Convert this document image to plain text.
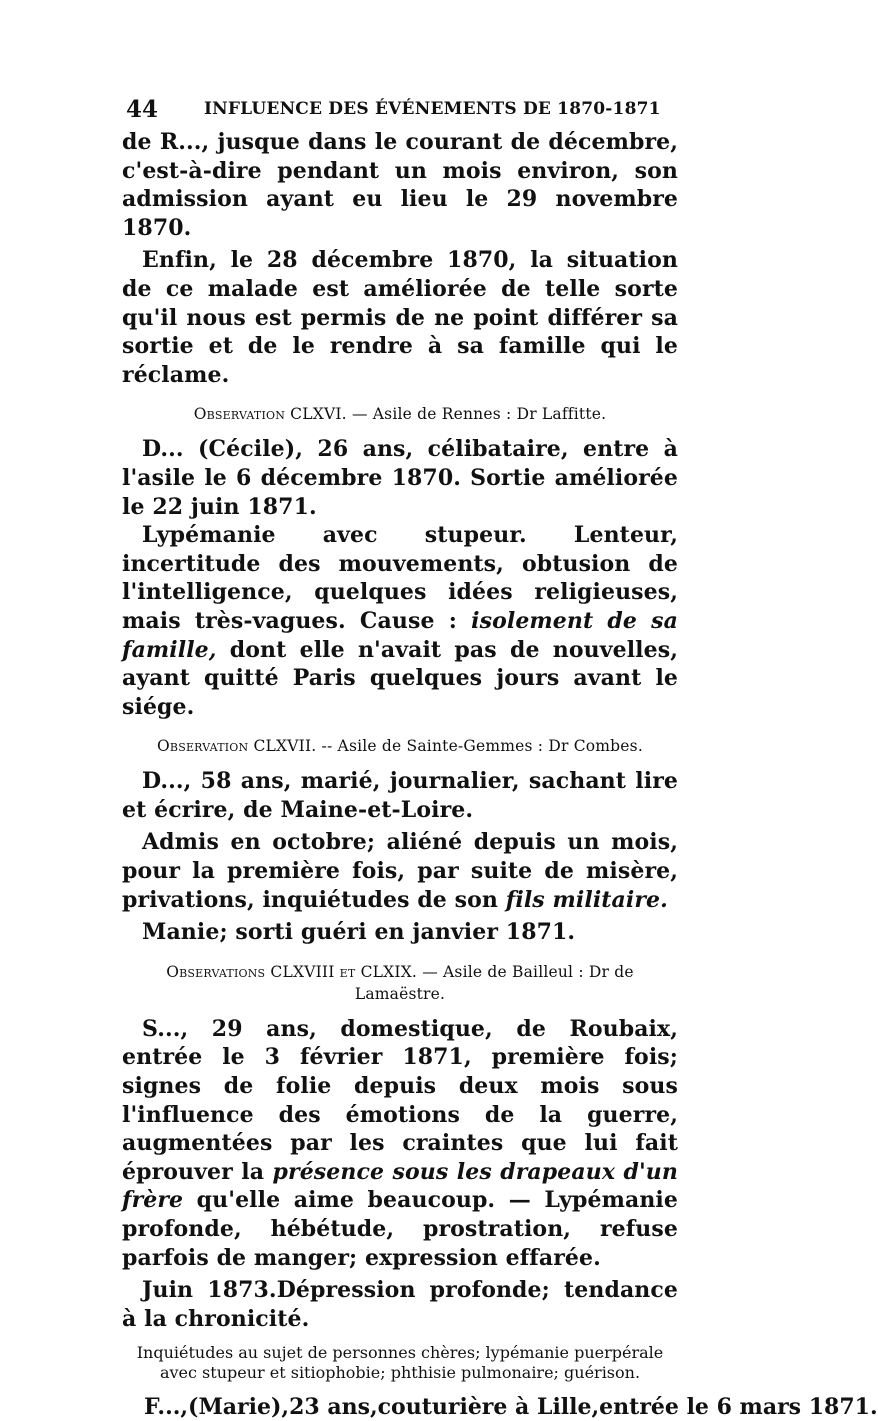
44	INFLUENCE DES ÉVÉNEMENTS DE 1870-1871

de R..., jusque dans le courant de décembre, c'est-à-dire pendant un mois environ, son admission ayant eu lieu le 29 novembre 1870.

Enfin, le 28 décembre 1870, la situation de ce malade est améliorée de telle sorte qu'il nous est permis de ne point différer sa sortie et de le rendre à sa famille qui le réclame.

Observation CLXVI. — Asile de Rennes : Dr Laffitte.

D... (Cécile), 26 ans, célibataire, entre à l'asile le 6 décembre 1870. Sortie améliorée le 22 juin 1871.

Lypémanie avec stupeur. Lenteur, incertitude des mouvements, obtusion de l'intelligence, quelques idées religieuses, mais très-vagues. Cause : isolement de sa famille, dont elle n'avait pas de nouvelles, ayant quitté Paris quelques jours avant le siége.

Observation CLXVII. -- Asile de Sainte-Gemmes : Dr Combes.

D..., 58 ans, marié, journalier, sachant lire et écrire, de Maine-et-Loire.

Admis en octobre; aliéné depuis un mois, pour la première fois, par suite de misère, privations, inquiétudes de son fils militaire.

Manie; sorti guéri en janvier 1871.

Observations CLXVIII et CLXIX. — Asile de Bailleul : Dr de Lamaëstre.

S..., 29 ans, domestique, de Roubaix, entrée le 3 février 1871, première fois; signes de folie depuis deux mois sous l'influence des émotions de la guerre, augmentées par les craintes que lui fait éprouver la présence sous les drapeaux d'un frère qu'elle aime beaucoup. — Lypémanie profonde, hébétude, prostration, refuse parfois de manger; expression effarée.

Juin 1873.Dépression profonde; tendance à la chronicité.

Inquiétudes au sujet de personnes chères; lypémanie puerpérale avec stupeur et sitiophobie; phthisie pulmonaire; guérison.

F...,(Marie),23 ans,couturière à Lille,entrée le 6 mars 1871.
